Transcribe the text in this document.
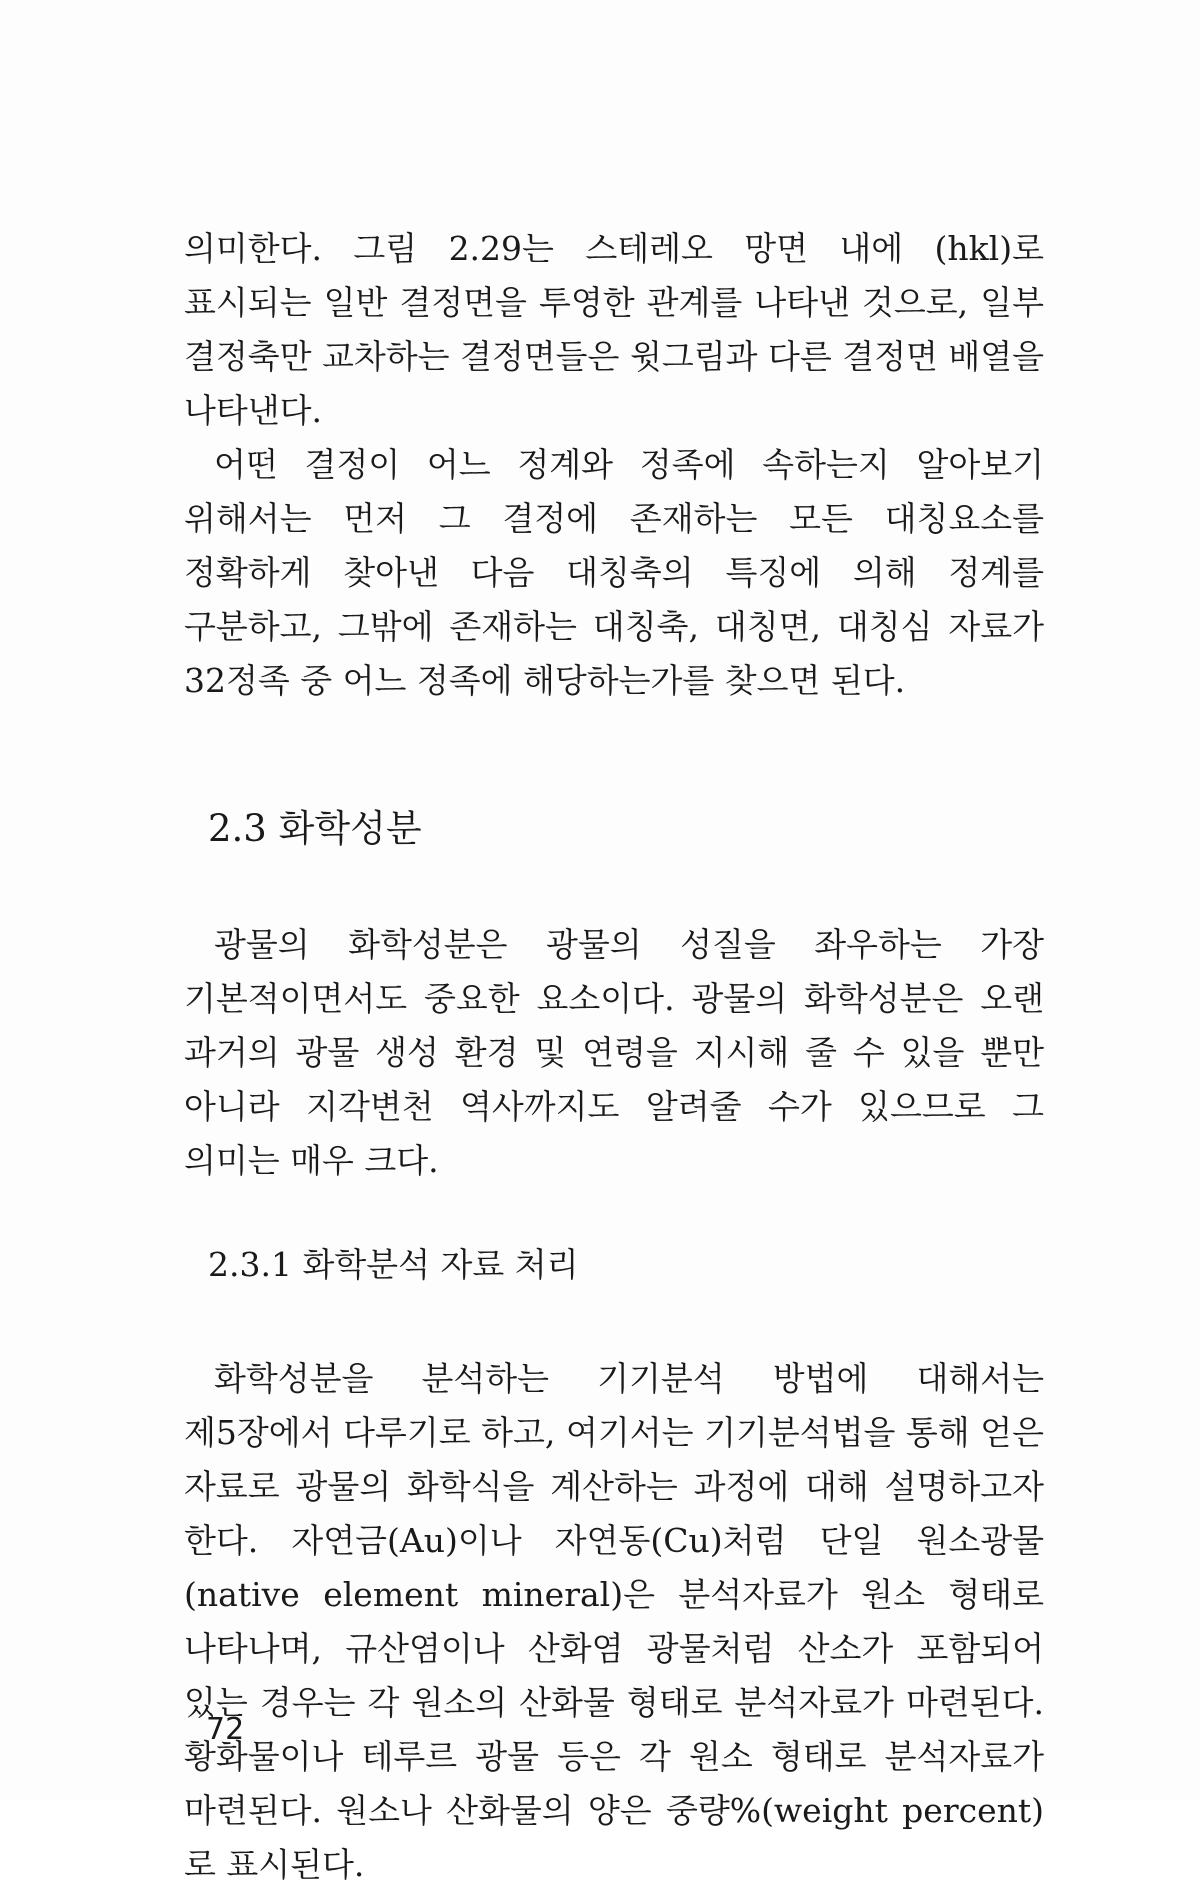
의미한다. 그림 2.29는 스테레오 망면 내에 (hkl)로 표시되는 일반 결정면을 투영한 관계를 나타낸 것으로, 일부 결정축만 교차하는 결정면들은 윗그림과 다른 결정면 배열을 나타낸다.

어떤 결정이 어느 정계와 정족에 속하는지 알아보기 위해서는 먼저 그 결정에 존재하는 모든 대칭요소를 정확하게 찾아낸 다음 대칭축의 특징에 의해 정계를 구분하고, 그밖에 존재하는 대칭축, 대칭면, 대칭심 자료가 32정족 중 어느 정족에 해당하는가를 찾으면 된다.

2.3 화학성분

광물의 화학성분은 광물의 성질을 좌우하는 가장 기본적이면서도 중요한 요소이다. 광물의 화학성분은 오랜 과거의 광물 생성 환경 및 연령을 지시해 줄 수 있을 뿐만 아니라 지각변천 역사까지도 알려줄 수가 있으므로 그 의미는 매우 크다.

2.3.1 화학분석 자료 처리

화학성분을 분석하는 기기분석 방법에 대해서는 제5장에서 다루기로 하고, 여기서는 기기분석법을 통해 얻은 자료로 광물의 화학식을 계산하는 과정에 대해 설명하고자 한다. 자연금(Au)이나 자연동(Cu)처럼 단일 원소광물(native element mineral)은 분석자료가 원소 형태로 나타나며, 규산염이나 산화염 광물처럼 산소가 포함되어 있는 경우는 각 원소의 산화물 형태로 분석자료가 마련된다. 황화물이나 테루르 광물 등은 각 원소 형태로 분석자료가 마련된다. 원소나 산화물의 양은 중량%(weight percent)로 표시된다.

72
